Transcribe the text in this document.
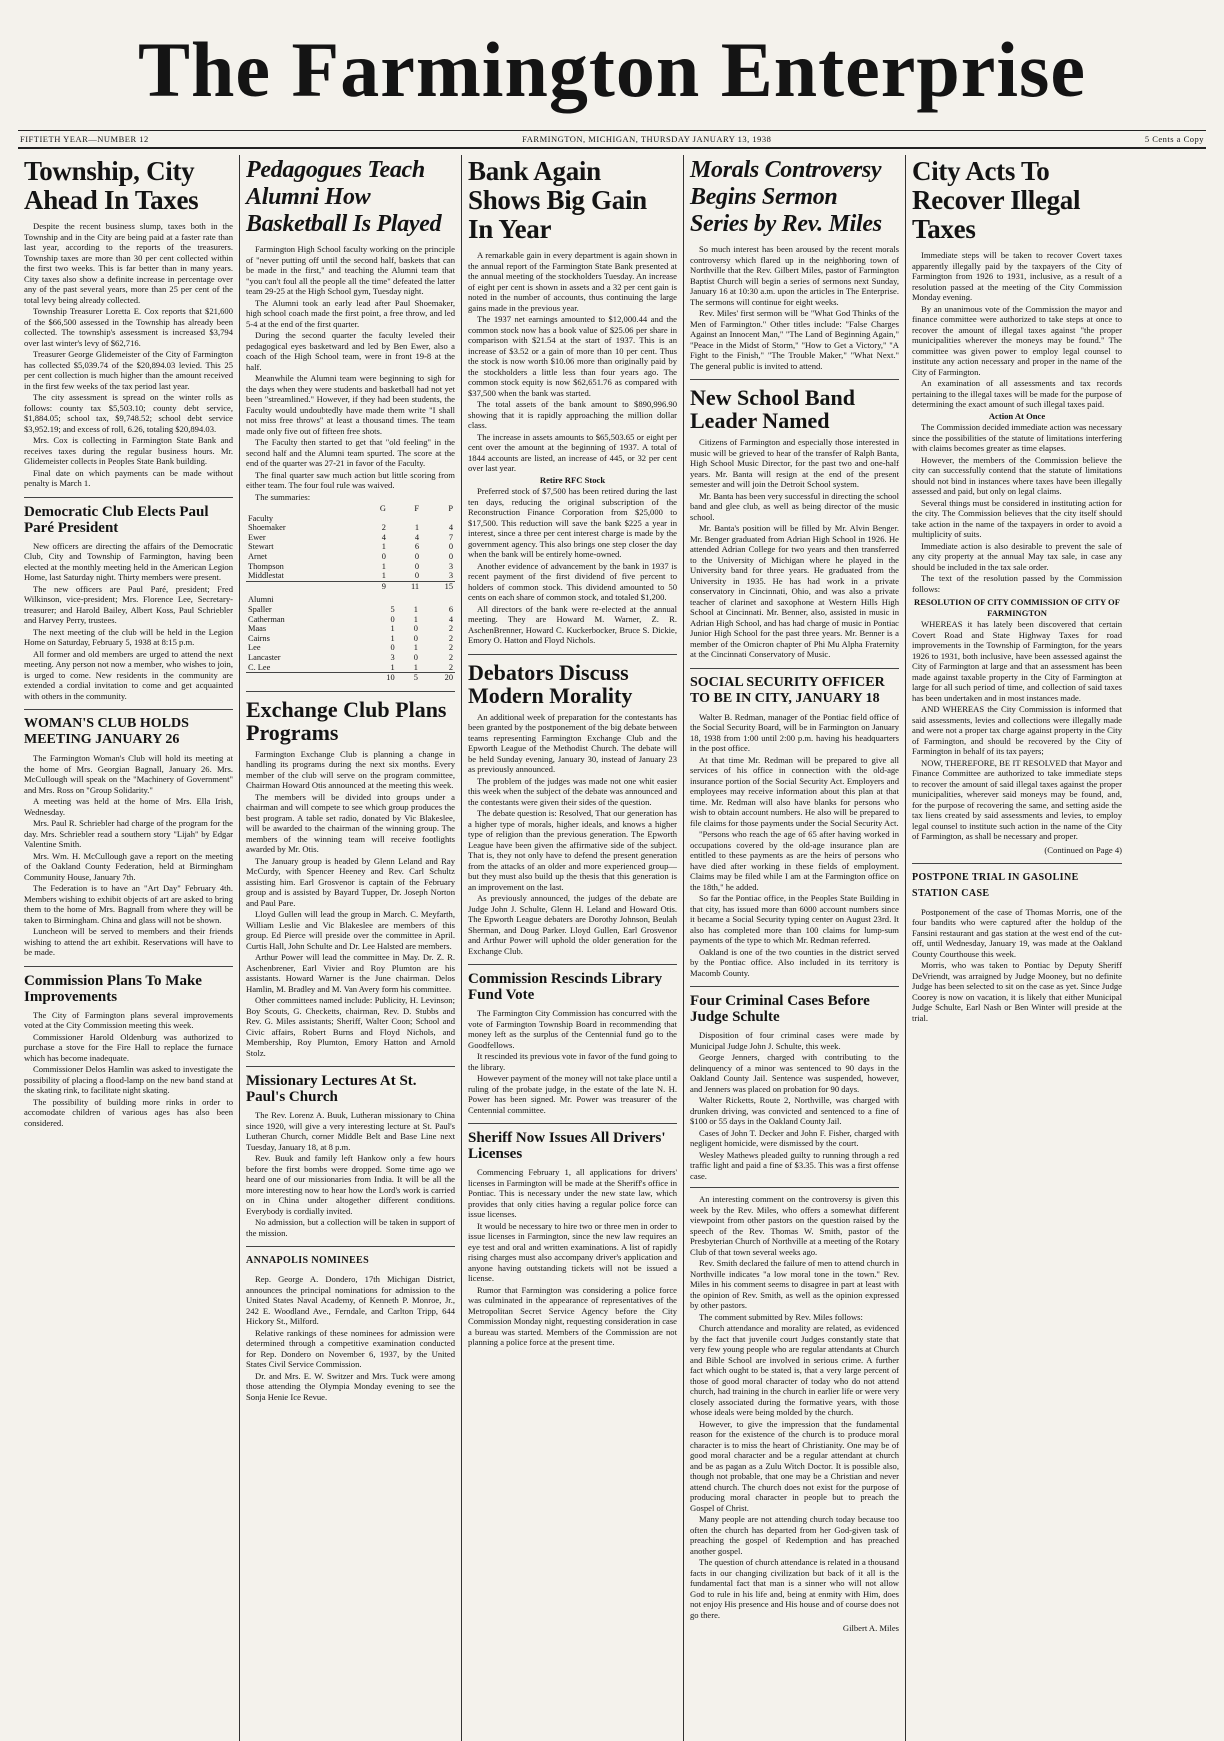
The Farmington Enterprise
FIFTIETH YEAR—NUMBER 12	FARMINGTON, MICHIGAN, THURSDAY JANUARY 13, 1938	5 Cents a Copy
Township, City Ahead In Taxes
Despite the recent business slump, taxes both in the Township and in the City are being paid at a faster rate than last year, according to the reports of the treasurers. Township taxes are more than 30 per cent collected within the first two weeks. This is far better than in many years. City taxes also show a definite increase in percentage over any of the past several years, more than 25 per cent of the total levy being already collected.
Township Treasurer Loretta E. Cox reports that $21,600 of the $66,500 assessed in the Township has already been collected. The township's assessment is increased $3,794 over last winter's levy of $62,716.
Treasurer George Glidemeister of the City of Farmington has collected $5,039.74 of the $20,894.03 levied. This 25 per cent collection is much higher than the amount received in the first few weeks of the tax period last year.
The city assessment is spread on the winter rolls as follows: county tax $5,503.10; county debt service, $1,884.05; school tax, $9,748.52; school debt service $3,952.19; and excess of roll, 6.26, totaling $20,894.03.
Mrs. Cox is collecting in Farmington State Bank and receives taxes during the regular business hours. Mr. Glidemeister collects in Peoples State Bank building.
Final date on which payments can be made without penalty is March 1.
Democratic Club Elects Paul Paré President
New officers are directing the affairs of the Democratic Club, City and Township of Farmington, having been elected at the monthly meeting held in the American Legion Home, last Saturday night. Thirty members were present.
The new officers are Paul Paré, president; Fred Wilkinson, vice-president; Mrs. Florence Lee, Secretary-treasurer; and Harold Bailey, Albert Koss, Paul Schriebler and Harvey Perry, trustees.
The next meeting of the club will be held in the Legion Home on Saturday, February 5, 1938 at 8:15 p.m.
All former and old members are urged to attend the next meeting. Any person not now a member, who wishes to join, is urged to come. New residents in the community are extended a cordial invitation to come and get acquainted with others in the community.
WOMAN'S CLUB HOLDS MEETING JANUARY 26
The Farmington Woman's Club will hold its meeting at the home of Mrs. Georgian Bagnall, January 26. Mrs. McCullough will speak on the "Machinery of Government" and Mrs. Ross on "Group Solidarity."
A meeting was held at the home of Mrs. Ella Irish, Wednesday.
Mrs. Paul R. Schriebler had charge of the program for the day. Mrs. Schriebler read a southern story "Lijah" by Edgar Valentine Smith.
Mrs. Wm. H. McCullough gave a report on the meeting of the Oakland County Federation, held at Birmingham Community House, January 7th.
The Federation is to have an "Art Day" February 4th. Members wishing to exhibit objects of art are asked to bring them to the home of Mrs. Bagnall from where they will be taken to Birmingham. China and glass will not be shown.
Luncheon will be served to members and their friends wishing to attend the art exhibit. Reservations will have to be made.
Commission Plans To Make Improvements
The City of Farmington plans several improvements voted at the City Commission meeting this week.
Commissioner Harold Oldenburg was authorized to purchase a stove for the Fire Hall to replace the furnace which has become inadequate.
Commissioner Delos Hamlin was asked to investigate the possibility of placing a flood-lamp on the new band stand at the skating rink, to facilitate night skating.
The possibility of building more rinks in order to accomodate children of various ages has also been considered.
Pedagogues Teach Alumni How Basketball Is Played
Farmington High School faculty working on the principle of "never putting off until the second half, baskets that can be made in the first," and teaching the Alumni team that "you can't foul all the people all the time" defeated the latter team 29-25 at the High School gym, Tuesday night.
The Alumni took an early lead after Paul Shoemaker, high school coach made the first point, a free throw, and led 5-4 at the end of the first quarter.
During the second quarter the faculty leveled their pedagogical eyes basketward and led by Ben Ewer, also a coach of the High School team, were in front 19-8 at the half.
Meanwhile the Alumni team were beginning to sigh for the days when they were students and basketball had not yet been "streamlined." However, if they had been students, the Faculty would undoubtedly have made them write "I shall not miss free throws" at least a thousand times. The team made only five out of fifteen free shots.
The Faculty then started to get that "old feeling" in the second half and the Alumni team spurted. The score at the end of the quarter was 27-21 in favor of the Faculty.
The final quarter saw much action but little scoring from either team. The four foul rule was waived.
The summaries:
	G	F	P
Faculty			
Shoemaker	2	1	4
Ewer	4	4	7
Stewart	1	6	0
Arnet	0	0	0
Thompson	1	0	3
Middlestat	1	0	3
	9	11	15
Alumni			
Spaller	5	1	6
Catherman	0	1	4
Maas	1	0	2
Cairns	1	0	2
Lee	0	1	2
Lancaster	3	0	2
C. Lee	1	1	2
	10	5	20
Exchange Club Plans Programs
Farmington Exchange Club is planning a change in handling its programs during the next six months. Every member of the club will serve on the program committee, Chairman Howard Otis announced at the meeting this week.
The members will be divided into groups under a chairman and will compete to see which group produces the best program. A table set radio, donated by Vic Blakeslee, will be awarded to the chairman of the winning group. The members of the winning team will receive footlights awarded by Mr. Otis.
The January group is headed by Glenn Leland and Ray McCurdy, with Spencer Heeney and Rev. Carl Schultz assisting him. Earl Grosvenor is captain of the February group and is assisted by Bayard Tupper, Dr. Joseph Norton and Paul Pare.
Lloyd Gullen will lead the group in March. C. Meyfarth, William Leslie and Vic Blakeslee are members of this group. Ed Pierce will preside over the committee in April. Curtis Hall, John Schulte and Dr. Lee Halsted are members.
Arthur Power will lead the committee in May. Dr. Z. R. Aschenbrener, Earl Vivier and Roy Plumton are his assistants. Howard Warner is the June chairman. Delos Hamlin, M. Bradley and M. Van Avery form his committee.
Other committees named include: Publicity, H. Levinson; Boy Scouts, G. Checketts, chairman, Rev. D. Stubbs and Rev. G. Miles assistants; Sheriff, Walter Coon; School and Civic affairs, Robert Burns and Floyd Nichols, and Membership, Roy Plumton, Emory Hatton and Arnold Stolz.
Missionary Lectures At St. Paul's Church
The Rev. Lorenz A. Buuk, Lutheran missionary to China since 1920, will give a very interesting lecture at St. Paul's Lutheran Church, corner Middle Belt and Base Line next Tuesday, January 18, at 8 p.m.
Rev. Buuk and family left Hankow only a few hours before the first bombs were dropped. Some time ago we heard one of our missionaries from India. It will be all the more interesting now to hear how the Lord's work is carried on in China under altogether different conditions. Everybody is cordially invited.
No admission, but a collection will be taken in support of the mission.
ANNAPOLIS NOMINEES
Rep. George A. Dondero, 17th Michigan District, announces the principal nominations for admission to the United States Naval Academy, of Kenneth P. Monroe, Jr., 242 E. Woodland Ave., Ferndale, and Carlton Tripp, 644 Hickory St., Milford.
Relative rankings of these nominees for admission were determined through a competitive examination conducted for Rep. Dondero on November 6, 1937, by the United States Civil Service Commission.
Dr. and Mrs. E. W. Switzer and Mrs. Tuck were among those attending the Olympia Monday evening to see the Sonja Henie Ice Revue.
Bank Again Shows Big Gain In Year
A remarkable gain in every department is again shown in the annual report of the Farmington State Bank presented at the annual meeting of the stockholders Tuesday. An increase of eight per cent is shown in assets and a 32 per cent gain is noted in the number of accounts, thus continuing the large gains made in the previous year.
The 1937 net earnings amounted to $12,000.44 and the common stock now has a book value of $25.06 per share in comparison with $21.54 at the start of 1937. This is an increase of $3.52 or a gain of more than 10 per cent. Thus the stock is now worth $10.06 more than originally paid by the stockholders a little less than four years ago. The common stock equity is now $62,651.76 as compared with $37,500 when the bank was started.
The total assets of the bank amount to $890,996.90 showing that it is rapidly approaching the million dollar class.
The increase in assets amounts to $65,503.65 or eight per cent over the amount at the beginning of 1937. A total of 1844 accounts are listed, an increase of 445, or 32 per cent over last year.
Retire RFC Stock
Preferred stock of $7,500 has been retired during the last ten days, reducing the original subscription of the Reconstruction Finance Corporation from $25,000 to $17,500. This reduction will save the bank $225 a year in interest, since a three per cent interest charge is made by the government agency. This also brings one step closer the day when the bank will be entirely home-owned.
Another evidence of advancement by the bank in 1937 is recent payment of the first dividend of five percent to holders of common stock. This dividend amounted to 50 cents on each share of common stock, and totaled $1,200.
All directors of the bank were re-elected at the annual meeting. They are Howard M. Warner, Z. R. AschenBrenner, Howard C. Kuckerbocker, Bruce S. Dickie, Emory O. Hatton and Floyd Nichols.
Debators Discuss Modern Morality
An additional week of preparation for the contestants has been granted by the postponement of the big debate between teams representing Farmington Exchange Club and the Epworth League of the Methodist Church. The debate will be held Sunday evening, January 30, instead of January 23 as previously announced.
The problem of the judges was made not one whit easier this week when the subject of the debate was announced and the contestants were given their sides of the question.
The debate question is: Resolved, That our generation has a higher type of morals, higher ideals, and knows a higher type of religion than the previous generation. The Epworth League have been given the affirmative side of the subject. That is, they not only have to defend the present generation from the attacks of an older and more experienced group—but they must also build up the thesis that this generation is an improvement on the last.
As previously announced, the judges of the debate are Judge John J. Schulte, Glenn H. Leland and Howard Otis. The Epworth League debaters are Dorothy Johnson, Beulah Sherman, and Doug Parker. Lloyd Gullen, Earl Grosvenor and Arthur Power will uphold the older generation for the Exchange Club.
Commission Rescinds Library Fund Vote
The Farmington City Commission has concurred with the vote of Farmington Township Board in recommending that money left as the surplus of the Centennial fund go to the Goodfellows.
It rescinded its previous vote in favor of the fund going to the library.
However payment of the money will not take place until a ruling of the probate judge, in the estate of the late N. H. Power has been signed. Mr. Power was treasurer of the Centennial committee.
Sheriff Now Issues All Drivers' Licenses
Commencing February 1, all applications for drivers' licenses in Farmington will be made at the Sheriff's office in Pontiac. This is necessary under the new state law, which provides that only cities having a regular police force can issue licenses.
It would be necessary to hire two or three men in order to issue licenses in Farmington, since the new law requires an eye test and oral and written examinations. A list of rapidly rising charges must also accompany driver's application and anyone having outstanding tickets will not be issued a license.
Rumor that Farmington was considering a police force was culminated in the appearance of representatives of the Metropolitan Secret Service Agency before the City Commission Monday night, requesting consideration in case a bureau was started. Members of the Commission are not planning a police force at the present time.
Morals Controversy Begins Sermon Series by Rev. Miles
So much interest has been aroused by the recent morals controversy which flared up in the neighboring town of Northville that the Rev. Gilbert Miles, pastor of Farmington Baptist Church will begin a series of sermons next Sunday, January 16 at 10:30 a.m. upon the articles in The Enterprise. The sermons will continue for eight weeks.
Rev. Miles' first sermon will be "What God Thinks of the Men of Farmington." Other titles include: "False Charges Against an Innocent Man," "The Land of Beginning Again," "Peace in the Midst of Storm," "How to Get a Victory," "A Fight to the Finish," "The Trouble Maker," "What Next." The general public is invited to attend.
New School Band Leader Named
Citizens of Farmington and especially those interested in music will be grieved to hear of the transfer of Ralph Banta, High School Music Director, for the past two and one-half years. Mr. Banta will resign at the end of the present semester and will join the Detroit School system.
Mr. Banta has been very successful in directing the school band and glee club, as well as being director of the music school.
Mr. Banta's position will be filled by Mr. Alvin Benger. Mr. Benger graduated from Adrian High School in 1926. He attended Adrian College for two years and then transferred to the University of Michigan where he played in the University band for three years. He graduated from the University in 1935. He has had work in a private conservatory in Cincinnati, Ohio, and was also a private teacher of clarinet and saxophone at Western Hills High School at Cincinnati. Mr. Benner, also, assisted in music in Adrian High School, and has had charge of music in Pontiac Junior High School for the past three years. Mr. Benner is a member of the Omicron chapter of Phi Mu Alpha Fraternity at the Cincinnati Conservatory of Music.
SOCIAL SECURITY OFFICER TO BE IN CITY, JANUARY 18
Walter B. Redman, manager of the Pontiac field office of the Social Security Board, will be in Farmington on January 18, 1938 from 1:00 until 2:00 p.m. having his headquarters in the post office.
At that time Mr. Redman will be prepared to give all services of his office in connection with the old-age insurance portion of the Social Security Act. Employers and employees may receive information about this plan at that time. Mr. Redman will also have blanks for persons who wish to obtain account numbers. He also will be prepared to file claims for those payments under the Social Security Act.
"Persons who reach the age of 65 after having worked in occupations covered by the old-age insurance plan are entitled to these payments as are the heirs of persons who have died after working in these fields of employment. Claims may be filed while I am at the Farmington office on the 18th," he added.
So far the Pontiac office, in the Peoples State Building in that city, has issued more than 6000 account numbers since it became a Social Security typing center on August 23rd. It also has completed more than 100 claims for lump-sum payments of the type to which Mr. Redman referred.
Oakland is one of the two counties in the district served by the Pontiac office. Also included in its territory is Macomb County.
Four Criminal Cases Before Judge Schulte
Disposition of four criminal cases were made by Municipal Judge John J. Schulte, this week.
George Jenners, charged with contributing to the delinquency of a minor was sentenced to 90 days in the Oakland County Jail. Sentence was suspended, however, and Jenners was placed on probation for 90 days.
Walter Ricketts, Route 2, Northville, was charged with drunken driving, was convicted and sentenced to a fine of $100 or 55 days in the Oakland County Jail.
Cases of John T. Decker and John F. Fisher, charged with negligent homicide, were dismissed by the court.
Wesley Mathews pleaded guilty to running through a red traffic light and paid a fine of $3.35. This was a first offense case.
An interesting comment on the controversy is given this week by the Rev. Miles, who offers a somewhat different viewpoint from other pastors on the question raised by the speech of the Rev. Thomas W. Smith, pastor of the Presbyterian Church of Northville at a meeting of the Rotary Club of that town several weeks ago.
Rev. Smith declared the failure of men to attend church in Northville indicates "a low moral tone in the town." Rev. Miles in his comment seems to disagree in part at least with the opinion of Rev. Smith, as well as the opinion expressed by other pastors.
The comment submitted by Rev. Miles follows:
Church attendance and morality are related, as evidenced by the fact that juvenile court Judges constantly state that very few young people who are regular attendants at Church and Bible School are involved in serious crime. A further fact which ought to be stated is, that a very large percent of those of good moral character of today who do not attend church, had training in the church in earlier life or were very closely associated during the formative years, with those whose ideals were being molded by the church.
However, to give the impression that the fundamental reason for the existence of the church is to produce moral character is to miss the heart of Christianity. One may be of good moral character and be a regular attendant at church and be as pagan as a Zulu Witch Doctor. It is possible also, though not probable, that one may be a Christian and never attend church. The church does not exist for the purpose of producing moral character in people but to preach the Gospel of Christ.
Many people are not attending church today because too often the church has departed from her God-given task of preaching the gospel of Redemption and has preached another gospel.
The question of church attendance is related in a thousand facts in our changing civilization but back of it all is the fundamental fact that man is a sinner who will not allow God to rule in his life and, being at enmity with Him, does not enjoy His presence and His house and of course does not go there.
Gilbert A. Miles
City Acts To Recover Illegal Taxes
Immediate steps will be taken to recover Covert taxes apparently illegally paid by the taxpayers of the City of Farmington from 1926 to 1931, inclusive, as a result of a resolution passed at the meeting of the City Commission Monday evening.
By an unanimous vote of the Commission the mayor and finance committee were authorized to take steps at once to recover the amount of illegal taxes against "the proper municipalities wherever the moneys may be found." The committee was given power to employ legal counsel to institute any action necessary and proper in the name of the City of Farmington.
An examination of all assessments and tax records pertaining to the illegal taxes will be made for the purpose of determining the exact amount of such illegal taxes paid.
Action At Once
The Commission decided immediate action was necessary since the possibilities of the statute of limitations interfering with claims becomes greater as time elapses.
However, the members of the Commission believe the city can successfully contend that the statute of limitations should not bind in instances where taxes have been illegally assessed and paid, but only on legal claims.
Several things must be considered in instituting action for the city. The Commission believes that the city itself should take action in the name of the taxpayers in order to avoid a multiplicity of suits.
Immediate action is also desirable to prevent the sale of any city property at the annual May tax sale, in case any should be included in the tax sale order.
The text of the resolution passed by the Commission follows:
RESOLUTION OF CITY COMMISSION OF CITY OF FARMINGTON
WHEREAS it has lately been discovered that certain Covert Road and State Highway Taxes for road improvements in the Township of Farmington, for the years 1926 to 1931, both inclusive, have been assessed against the City of Farmington at large and that an assessment has been made against taxable property in the City of Farmington at large for all such period of time, and collection of said taxes has been undertaken and in most instances made.
AND WHEREAS the City Commission is informed that said assessments, levies and collections were illegally made and were not a proper tax charge against property in the City of Farmington, and should be recovered by the City of Farmington in behalf of its tax payers;
NOW, THEREFORE, BE IT RESOLVED that Mayor and Finance Committee are authorized to take immediate steps to recover the amount of said illegal taxes against the proper municipalities, wherever said moneys may be found, and, for the purpose of recovering the same, and setting aside the tax liens created by said assessments and levies, to employ legal counsel to institute such action in the name of the City of Farmington, as shall be necessary and proper.
(Continued on Page 4)
POSTPONE TRIAL IN GASOLINE STATION CASE
Postponement of the case of Thomas Morris, one of the four bandits who were captured after the holdup of the Fansini restaurant and gas station at the west end of the cut-off, until Wednesday, January 19, was made at the Oakland County Courthouse this week.
Morris, who was taken to Pontiac by Deputy Sheriff DeVriendt, was arraigned by Judge Mooney, but no definite Judge has been selected to sit on the case as yet. Since Judge Coorey is now on vacation, it is likely that either Municipal Judge Schulte, Earl Nash or Ben Winter will preside at the trial.
